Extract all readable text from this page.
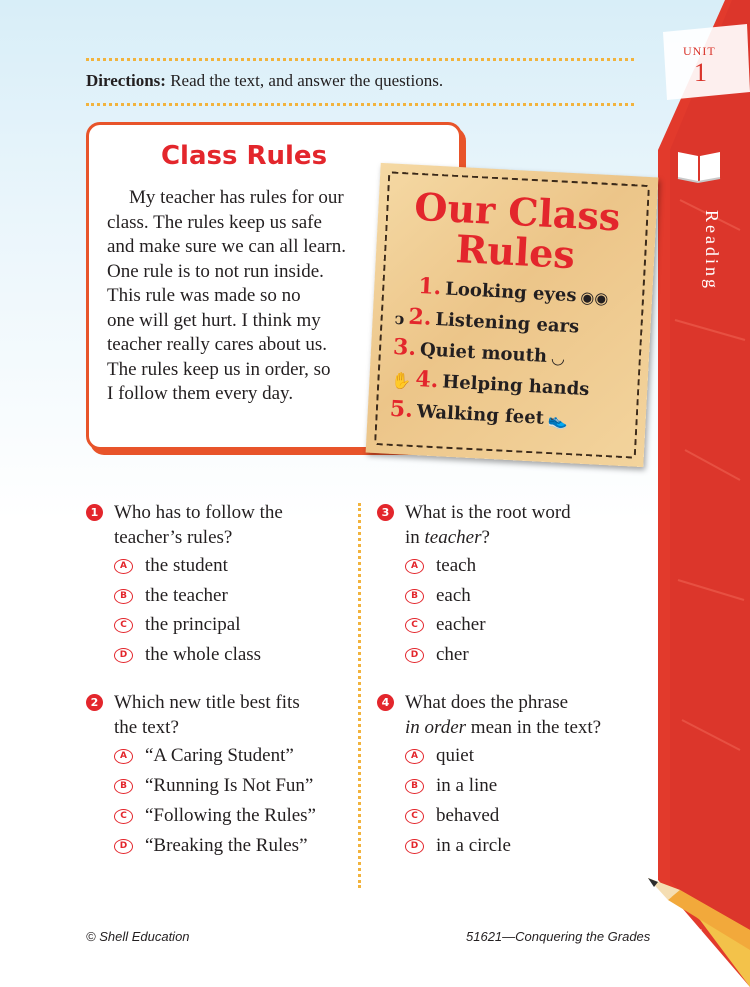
UNIT
1
Reading
Directions: Read the text, and answer the questions.
Class Rules
My teacher has rules for our
class. The rules keep us safe
and make sure we can all learn.
One rule is to not run inside.
This rule was made so no
one will get hurt. I think my
teacher really cares about us.
The rules keep us in order, so
I follow them every day.
Our Class
Rules
1. Looking eyes ◉◉
ↄ 2. Listening ears
3. Quiet mouth ◡
✋ 4. Helping hands
5. Walking feet 👟
1 Who has to follow the
teacher’s rules?
A the student
B the teacher
C the principal
D the whole class
2 Which new title best fits
the text?
A “A Caring Student”
B “Running Is Not Fun”
C “Following the Rules”
D “Breaking the Rules”
3 What is the root word
in teacher?
A teach
B each
C eacher
D cher
4 What does the phrase
in order mean in the text?
A quiet
B in a line
C behaved
D in a circle
© Shell Education	51621—Conquering the Grades	7
